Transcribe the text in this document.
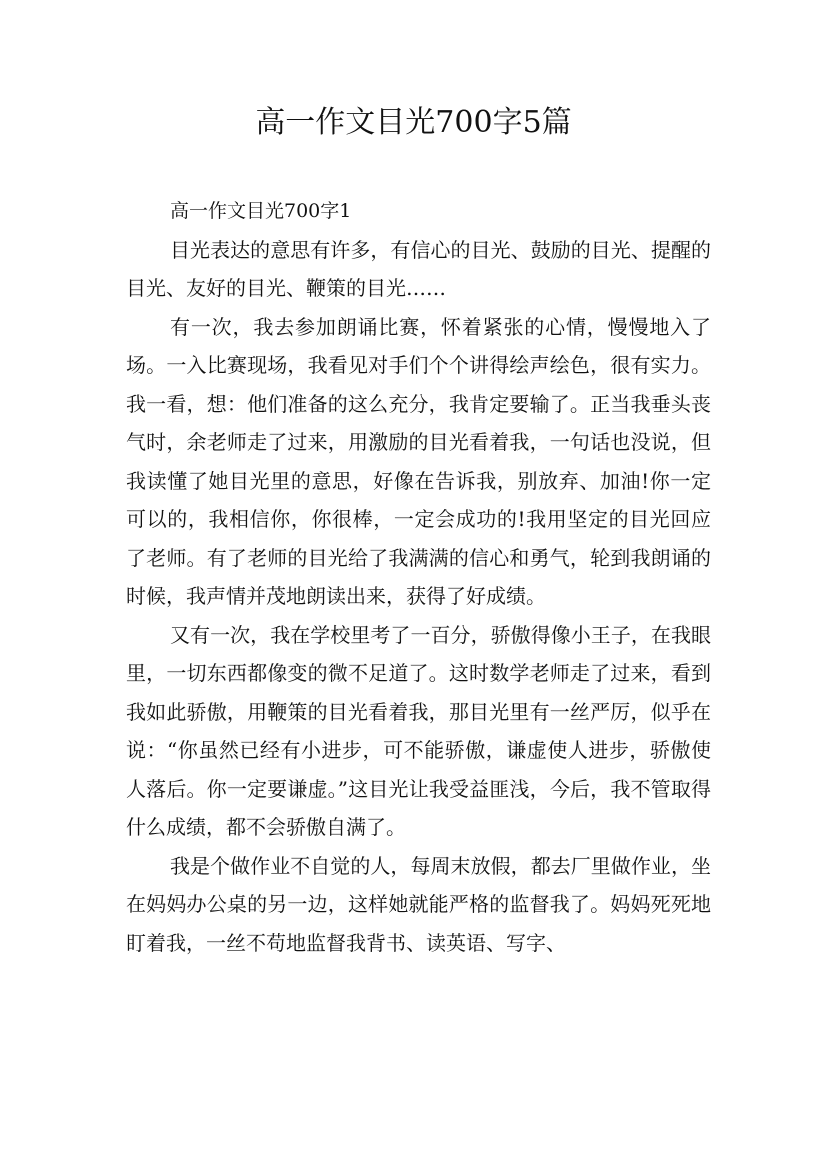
高一作文目光700字5篇
高一作文目光700字1

目光表达的意思有许多，有信心的目光、鼓励的目光、提醒的目光、友好的目光、鞭策的目光……

有一次，我去参加朗诵比赛，怀着紧张的心情，慢慢地入了场。一入比赛现场，我看见对手们个个讲得绘声绘色，很有实力。我一看，想：他们准备的这么充分，我肯定要输了。正当我垂头丧气时，余老师走了过来，用激励的目光看着我，一句话也没说，但我读懂了她目光里的意思，好像在告诉我，别放弃、加油!你一定可以的，我相信你，你很棒，一定会成功的!我用坚定的目光回应了老师。有了老师的目光给了我满满的信心和勇气，轮到我朗诵的时候，我声情并茂地朗读出来，获得了好成绩。

又有一次，我在学校里考了一百分，骄傲得像小王子，在我眼里，一切东西都像变的微不足道了。这时数学老师走了过来，看到我如此骄傲，用鞭策的目光看着我，那目光里有一丝严厉，似乎在说：“你虽然已经有小进步，可不能骄傲，谦虚使人进步，骄傲使人落后。你一定要谦虚。”这目光让我受益匪浅，今后，我不管取得什么成绩，都不会骄傲自满了。

我是个做作业不自觉的人，每周末放假，都去厂里做作业，坐在妈妈办公桌的另一边，这样她就能严格的监督我了。妈妈死死地盯着我，一丝不苟地监督我背书、读英语、写字、
